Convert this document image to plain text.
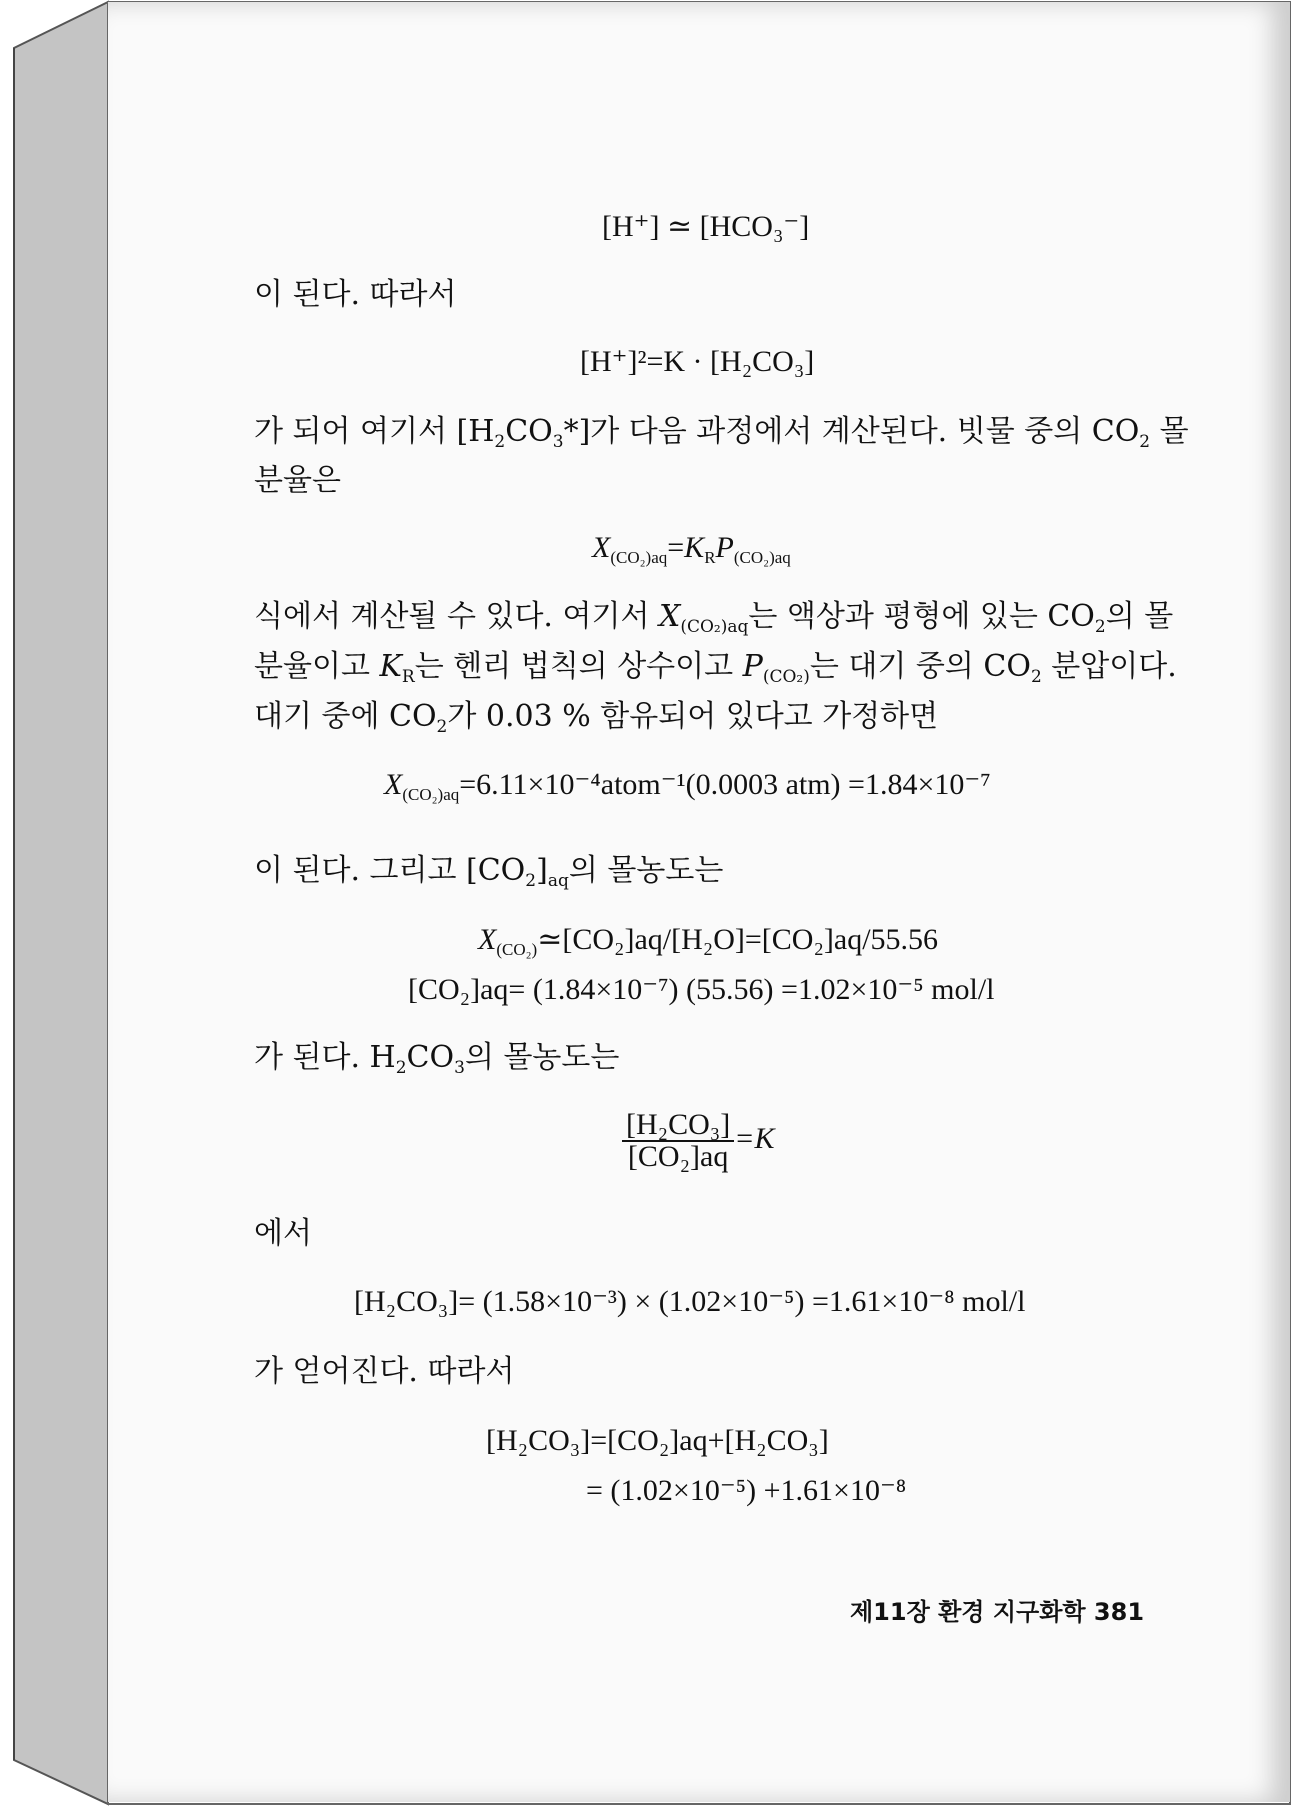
[H⁺] ≃ [HCO₃⁻]
이 된다. 따라서
[H⁺]²=K · [H₂CO₃]
가 되어 여기서 $[H_2CO_3*]$가 다음 과정에서 계산된다. 빗물 중의 $CO_2$ 몰
분율은
$X_{(CO_2)aq}=K_RP_{(CO_2)aq}$
식에서 계산될 수 있다. 여기서 $X_{(CO_2)aq}$는 액상과 평형에 있는 $CO_2$의 몰
분율이고 $K_R$는 헨리 법칙의 상수이고 $P_{(CO_2)}$는 대기 중의 $CO_2$ 분압이다.
대기 중에 $CO_2$가 0.03 % 함유되어 있다고 가정하면
$X_{(CO_2)aq}=6.11\times 10^{-4}atom^{-1}(0.0003$ atm) =1.84×10⁻⁷
이 된다. 그리고 $[CO_2]_{aq}$의 몰농도는
$X_{(CO_2)}≃[CO_2]aq/[H_2O]=[CO_2]aq/55.56$
[CO₂]aq= (1.84×10⁻⁷) (55.56) =1.02×10⁻⁵ mol/l
가 된다. $H_2CO_3$의 몰농도는
$\frac{\text{[H₂CO₃]}}{\text{[CO₂]aq}} =K$
에서
[H₂CO₃]= (1.58×10⁻³) × (1.02×10⁻⁵) =1.61×10⁻⁸ mol/l
가 얻어진다. 따라서
[H₂CO₃]=[CO₂]aq+[H₂CO₃]
= (1.02×10⁻⁵) +1.61×10⁻⁸
제11장 환경 지구화학 381
